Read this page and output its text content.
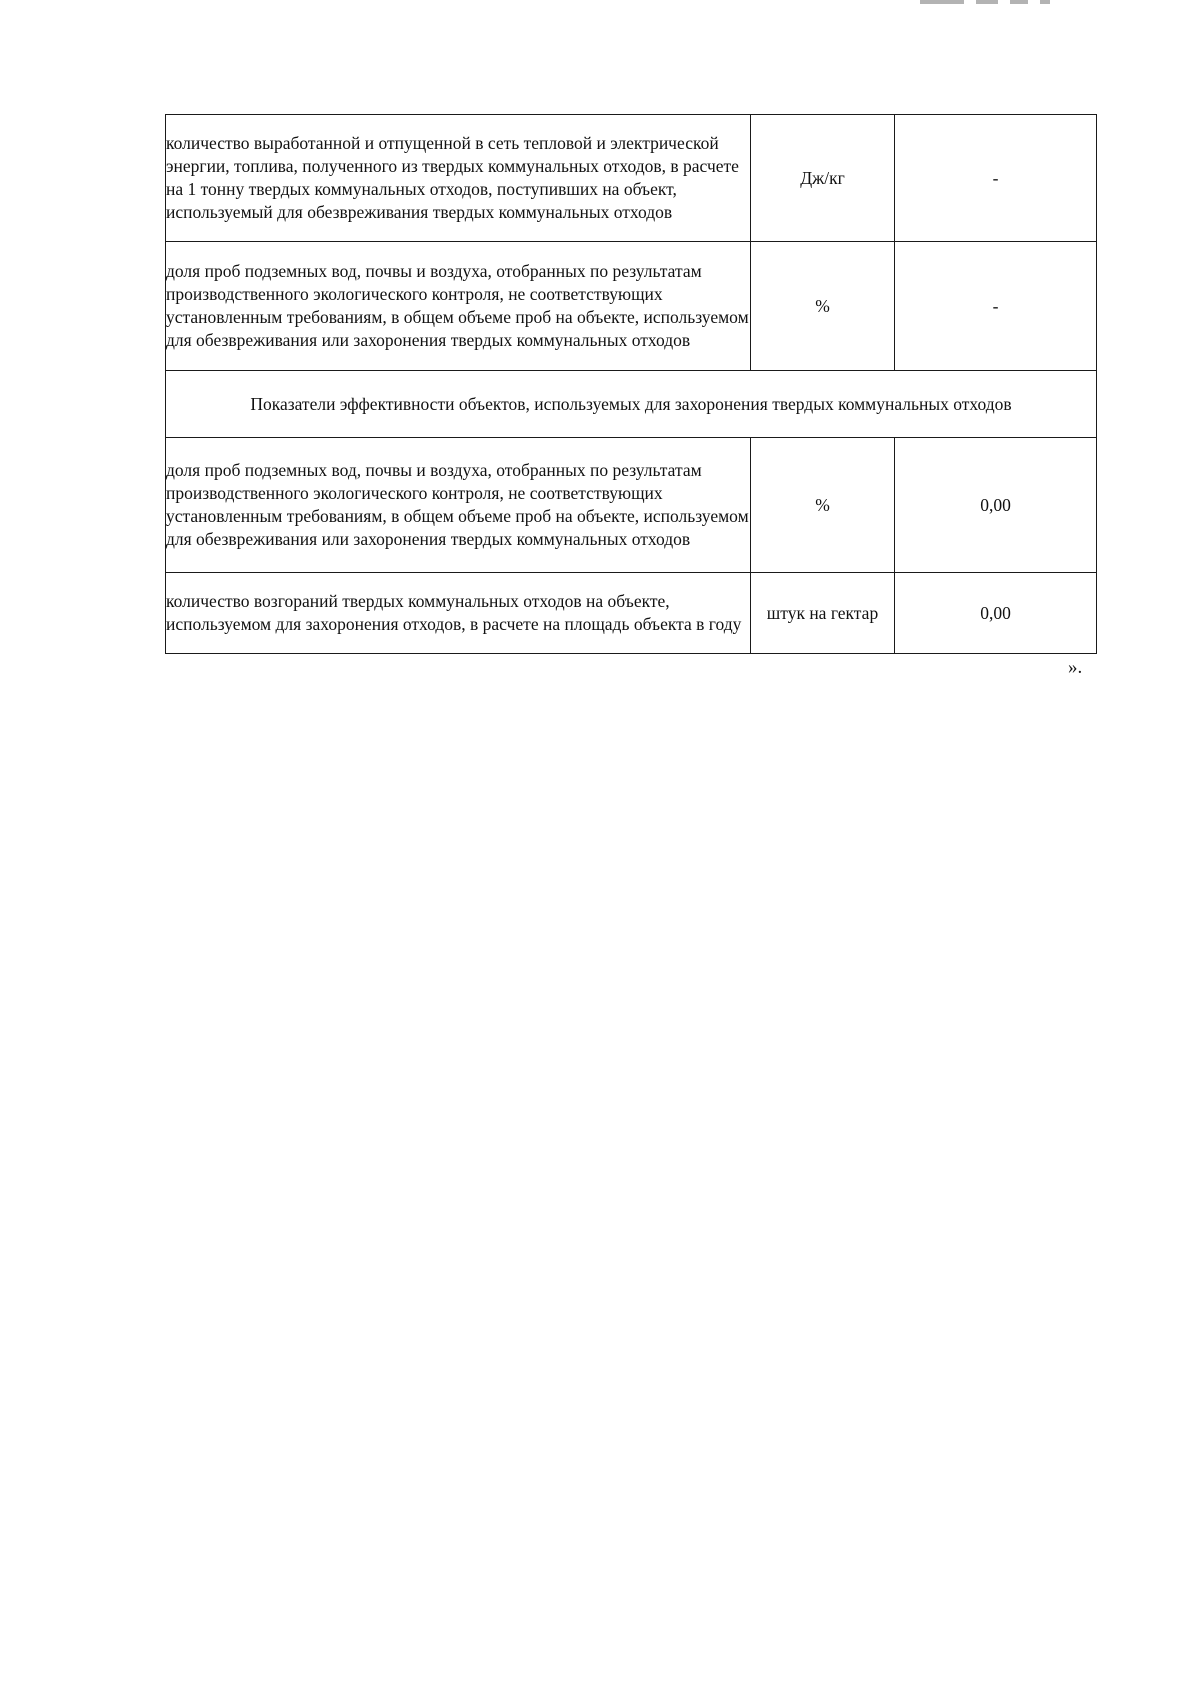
количество выработанной и отпущенной в сеть тепловой и электрической энергии, топлива, полученного из твердых коммунальных отходов, в расчете на 1 тонну твердых коммунальных отходов, поступивших на объект, используемый для обезвреживания твердых коммунальных отходов	Дж/кг	-
доля проб подземных вод, почвы и воздуха, отобранных по результатам производственного экологического контроля, не соответствующих установленным требованиям, в общем объеме проб на объекте, используемом для обезвреживания или захоронения твердых коммунальных отходов	%	-
Показатели эффективности объектов, используемых для захоронения твердых коммунальных отходов		
доля проб подземных вод, почвы и воздуха, отобранных по результатам производственного экологического контроля, не соответствующих установленным требованиям, в общем объеме проб на объекте, используемом для обезвреживания или захоронения твердых коммунальных отходов	%	0,00
количество возгораний твердых коммунальных отходов на объекте, используемом для захоронения отходов, в расчете на площадь объекта в году	штук на гектар	0,00
».
